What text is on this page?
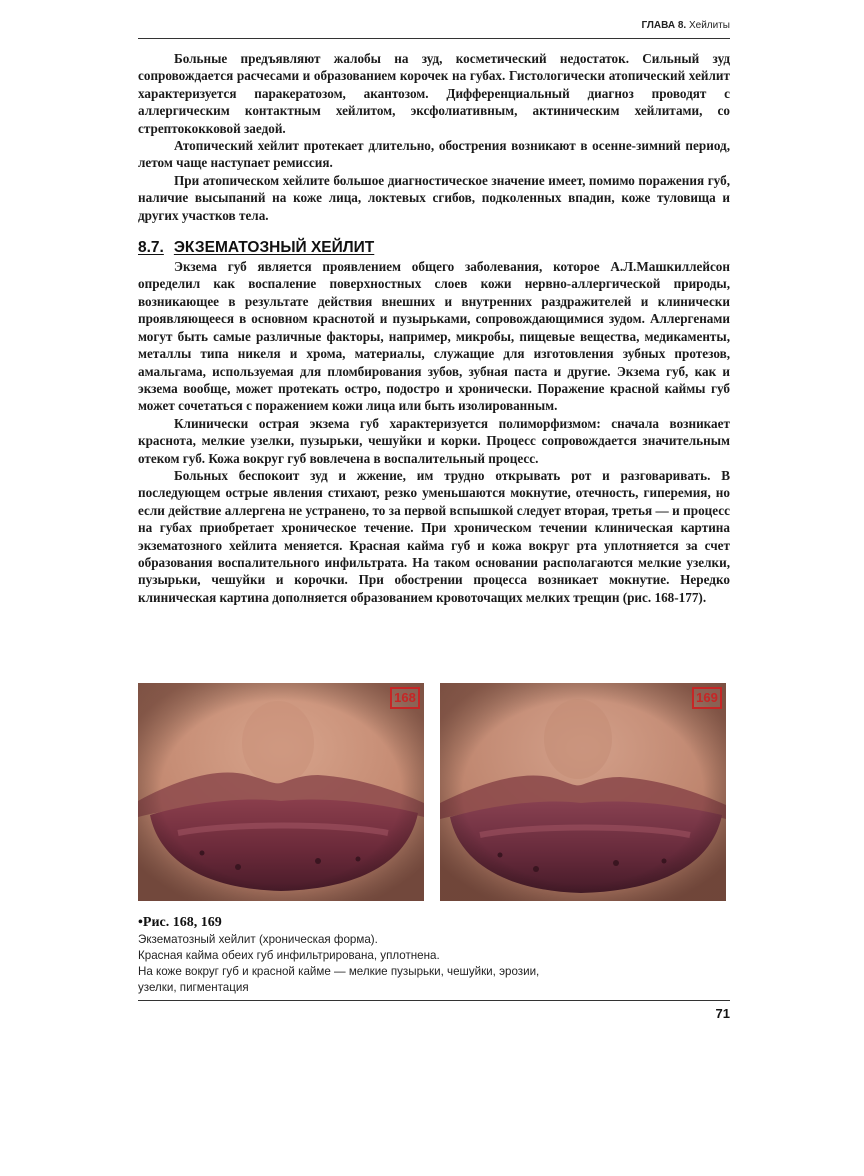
ГЛАВА 8. Хейлиты

Больные предъявляют жалобы на зуд, косметический недостаток. Сильный зуд сопровождается расчесами и образованием корочек на губах. Гистологически атопический хейлит характеризуется паракератозом, акантозом. Дифференциальный диагноз проводят с аллергическим контактным хейлитом, эксфолиативным, актиническим хейлитами, со стрептококковой заедой.

Атопический хейлит протекает длительно, обострения возникают в осенне-зимний период, летом чаще наступает ремиссия.

При атопическом хейлите большое диагностическое значение имеет, помимо поражения губ, наличие высыпаний на коже лица, локтевых сгибов, подколенных впадин, коже туловища и других участков тела.

8.7. ЭКЗЕМАТОЗНЫЙ ХЕЙЛИТ

Экзема губ является проявлением общего заболевания, которое А.Л.Машкиллейсон определил как воспаление поверхностных слоев кожи нервно-аллергической природы, возникающее в результате действия внешних и внутренних раздражителей и клинически проявляющееся в основном краснотой и пузырьками, сопровождающимися зудом. Аллергенами могут быть самые различные факторы, например, микробы, пищевые вещества, медикаменты, металлы типа никеля и хрома, материалы, служащие для изготовления зубных протезов, амальгама, используемая для пломбирования зубов, зубная паста и другие. Экзема губ, как и экзема вообще, может протекать остро, подостро и хронически. Поражение красной каймы губ может сочетаться с поражением кожи лица или быть изолированным.

Клинически острая экзема губ характеризуется полиморфизмом: сначала возникает краснота, мелкие узелки, пузырьки, чешуйки и корки. Процесс сопровождается значительным отеком губ. Кожа вокруг губ вовлечена в воспалительный процесс.

Больных беспокоит зуд и жжение, им трудно открывать рот и разговаривать. В последующем острые явления стихают, резко уменьшаются мокнутие, отечность, гиперемия, но если действие аллергена не устранено, то за первой вспышкой следует вторая, третья — и процесс на губах приобретает хроническое течение. При хроническом течении клиническая картина экзематозного хейлита меняется. Красная кайма губ и кожа вокруг рта уплотняется за счет образования воспалительного инфильтрата. На таком основании располагаются мелкие узелки, пузырьки, чешуйки и корочки. При обострении процесса возникает мокнутие. Нередко клиническая картина дополняется образованием кровоточащих мелких трещин (рис. 168-177).

168	169
•Рис. 168, 169
Экзематозный хейлит (хроническая форма).
Красная кайма обеих губ инфильтрирована, уплотнена.
На коже вокруг губ и красной кайме — мелкие пузырьки, чешуйки, эрозии,
узелки, пигментация
71
